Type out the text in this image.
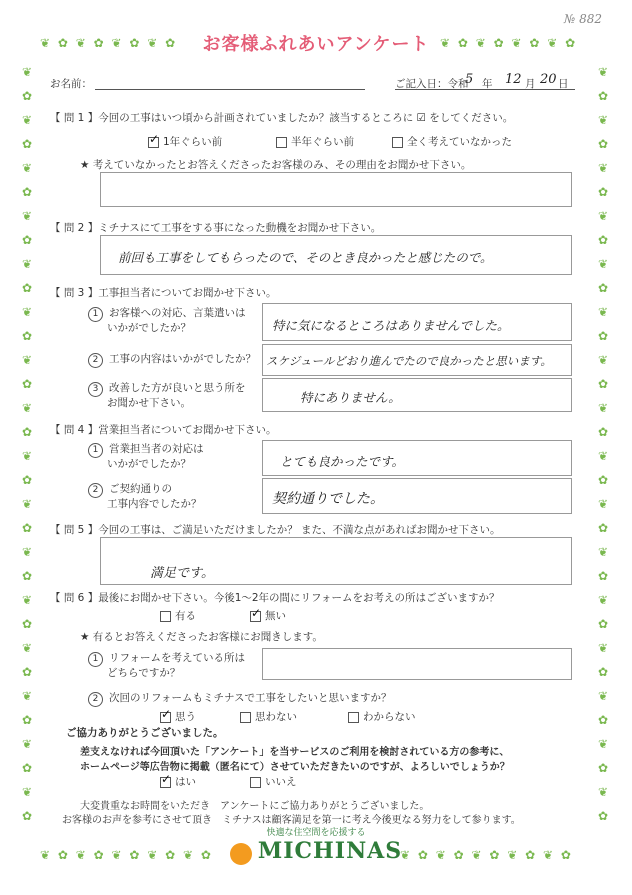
❦ ✿ ❦ ✿ ❦ ✿ ❦ ✿	❦ ✿ ❦ ✿ ❦ ✿ ❦ ✿
❦ ✿ ❦ ✿ ❦ ✿ ❦ ✿ ❦ ✿	❦ ✿ ❦ ✿ ❦ ✿ ❦ ✿ ❦ ✿
❦
✿
❦
✿
❦
✿
❦
✿
❦
✿
❦
✿
❦
✿
❦
✿
❦
✿
❦
✿
❦
✿
❦
✿
❦
✿
❦
✿
❦
✿
❦
✿
❦
✿
❦
✿
❦
✿
❦
✿
❦
✿
❦
✿
❦
✿
❦
✿
❦
✿
❦
✿
❦
✿
❦
✿
❦
✿
❦
✿
❦
✿
❦
✿
№ 882
お客様ふれあいアンケート
お名前：	ご記入日：令和
5 年 12 月 20 日
【 問 1 】今回の工事はいつ頃から計画されていましたか？該当するところに ☑ をしてください。
✓1年ぐらい前	半年ぐらい前	全く考えていなかった
★ 考えていなかったとお答えくださったお客様のみ、その理由をお聞かせ下さい。
【 問 2 】ミチナスにて工事をする事になった動機をお聞かせ下さい。
前回も工事をしてもらったので、そのとき良かったと感じたので。
【 問 3 】工事担当者についてお聞かせ下さい。
1 お客様への対応、言葉遣いは
いかがでしたか？	特に気になるところはありませんでした。
2 工事の内容はいかがでしたか？ スケジュールどおり進んでたので良かったと思います。
3 改善した方が良いと思う所を
お聞かせ下さい。	特にありません。
【 問 4 】営業担当者についてお聞かせ下さい。
1 営業担当者の対応は
いかがでしたか？	とても良かったです。
2 ご契約通りの
工事内容でしたか？	契約通りでした。
【 問 5 】今回の工事は、ご満足いただけましたか？ また、不満な点があればお聞かせ下さい。
満足です。
【 問 6 】最後にお聞かせ下さい。今後1～2年の間にリフォームをお考えの所はございますか？
有る
✓	無い
★ 有るとお答えくださったお客様にお聞きします。
1 リフォームを考えている所は
どちらですか？
2 次回のリフォームもミチナスで工事をしたいと思いますか？
✓思う	思わない	わからない
ご協力ありがとうございました。
差支えなければ今回頂いた「アンケート」を当サービスのご利用を検討されている方の参考に、
ホームページ等広告物に掲載（匿名にて）させていただきたいのですが、よろしいでしょうか？
✓はい	いいえ
大変貴重なお時間をいただき　アンケートにご協力ありがとうございました。
お客様のお声を参考にさせて頂き　ミチナスは顧客満足を第一に考え今後更なる努力をして参ります。
快適な住空間を応援する
MICHINAS
